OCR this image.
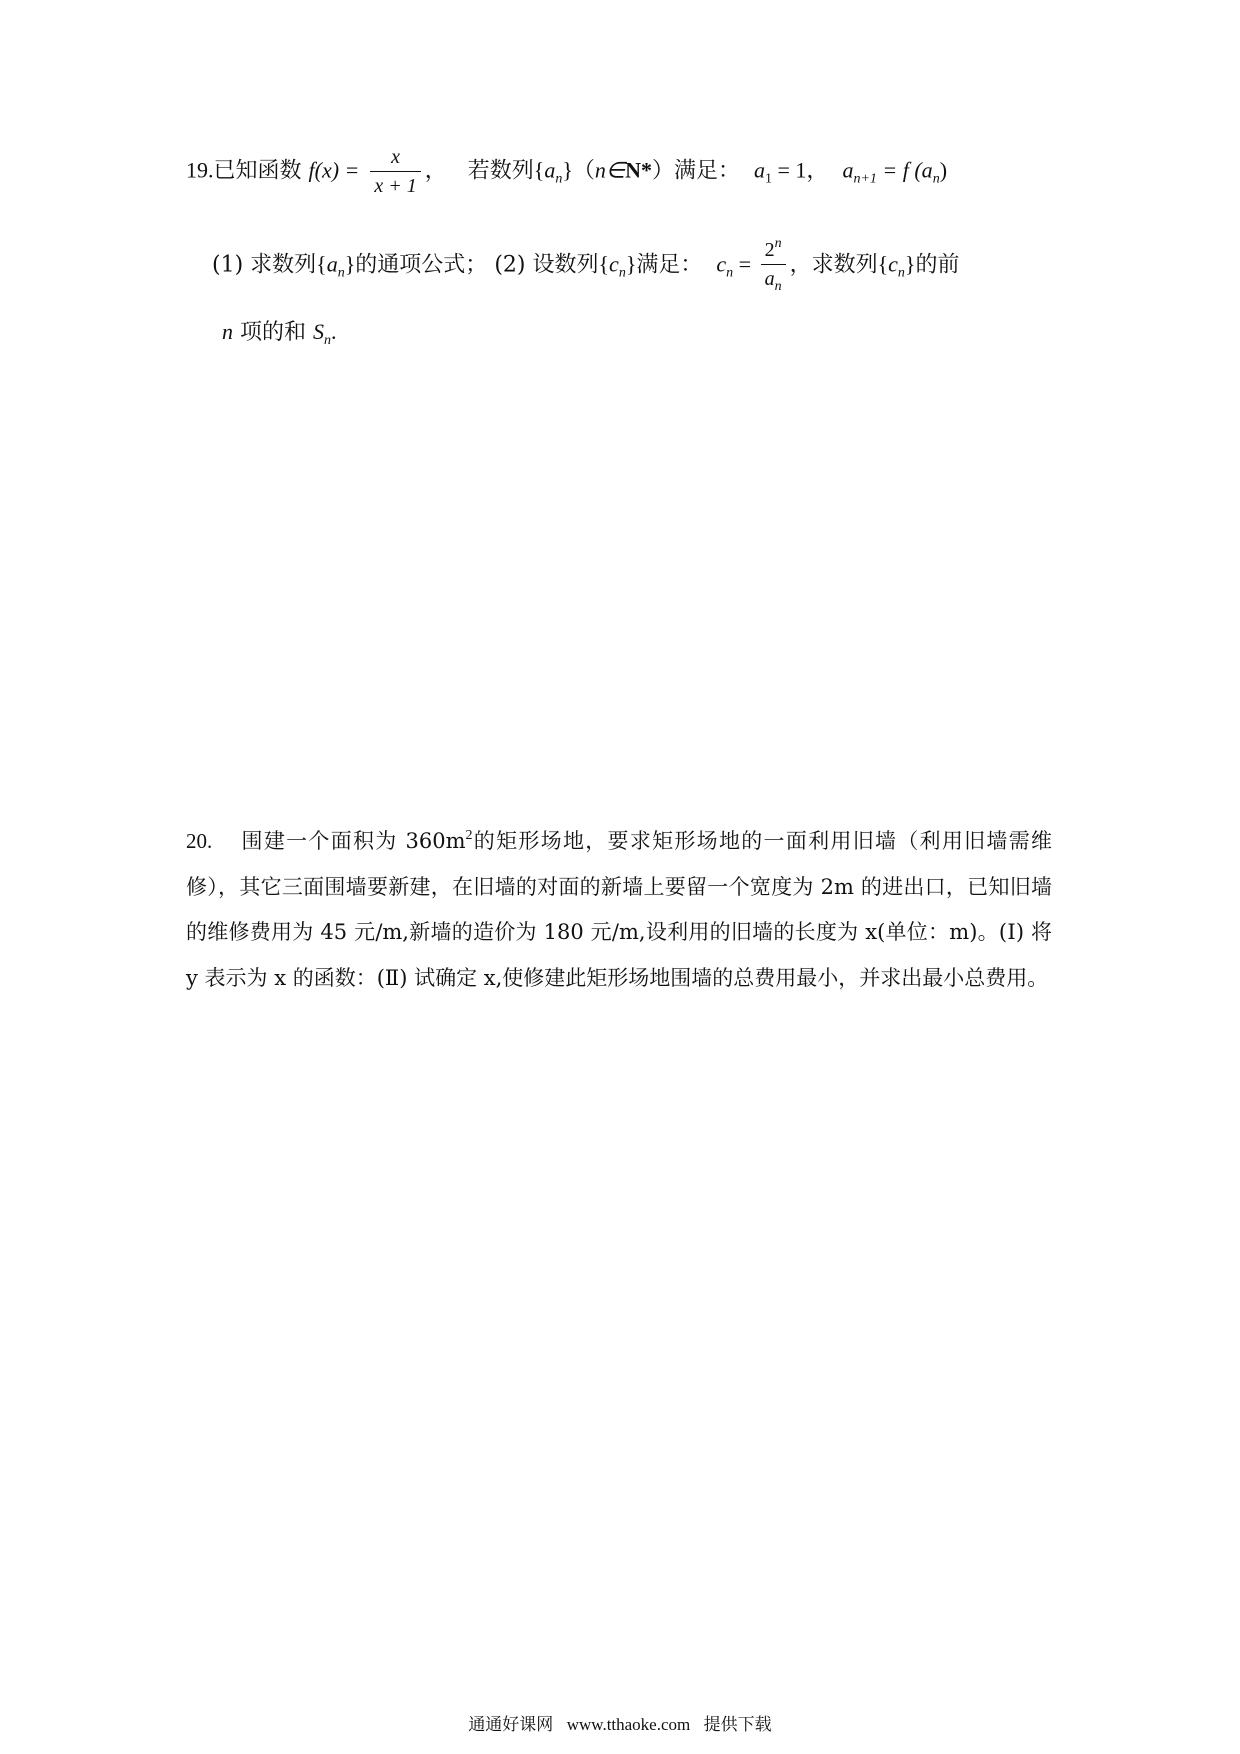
19.已知函数 $f(x) = \frac{x}{x + 1}$ ， 若数列$\{a_n\}(n\in N*)$满足： $a_1 = 1$， $a_{n+1} = f$ $(a_n)$
(1) 求数列$\{a_n\}$的通项公式； (2) 设数列$\{c_n\}$满足： $c_n = \frac{2^n}{a_n}$ ，求数列$\{c_n\}$的前
n 项的和 $S_n$.
20. 围建一个面积为 $360m^2$的矩形场地，要求矩形场地的一面利用旧墙（利用旧墙需维修），其它三面围墙要新建，在旧墙的对面的新墙上要留一个宽度为 2m 的进出口，已知旧墙的维修费用为 45 元/m,新墙的造价为 180 元/m,设利用的旧墙的长度为 x(单位：m)。(Ⅰ) 将 y 表示为 x 的函数：(Ⅱ) 试确定 x,使修建此矩形场地围墙的总费用最小，并求出最小总费用。
通通好课网 www.tthaoke.com 提供下载
